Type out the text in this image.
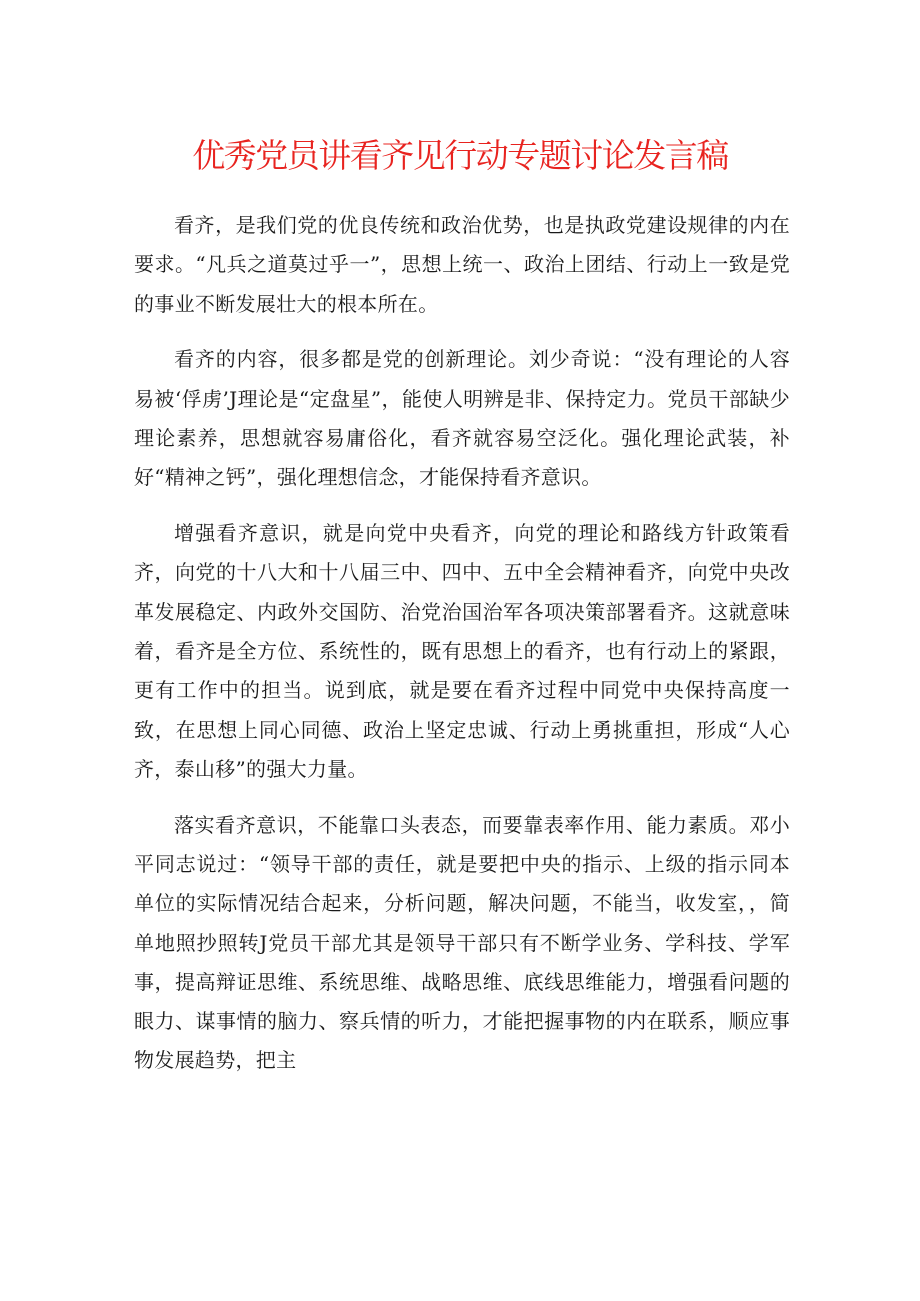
优秀党员讲看齐见行动专题讨论发言稿

看齐，是我们党的优良传统和政治优势，也是执政党建设规律的内在要求。“凡兵之道莫过乎一”，思想上统一、政治上团结、行动上一致是党的事业不断发展壮大的根本所在。

看齐的内容，很多都是党的创新理论。刘少奇说：“没有理论的人容易被‘俘虏’J理论是“定盘星”，能使人明辨是非、保持定力。党员干部缺少理论素养，思想就容易庸俗化，看齐就容易空泛化。强化理论武装，补好“精神之钙”，强化理想信念，才能保持看齐意识。

增强看齐意识，就是向党中央看齐，向党的理论和路线方针政策看齐，向党的十八大和十八届三中、四中、五中全会精神看齐，向党中央改革发展稳定、内政外交国防、治党治国治军各项决策部署看齐。这就意味着，看齐是全方位、系统性的，既有思想上的看齐，也有行动上的紧跟，更有工作中的担当。说到底，就是要在看齐过程中同党中央保持高度一致，在思想上同心同德、政治上坚定忠诚、行动上勇挑重担，形成“人心齐，泰山移”的强大力量。

落实看齐意识，不能靠口头表态，而要靠表率作用、能力素质。邓小平同志说过：“领导干部的责任，就是要把中央的指示、上级的指示同本单位的实际情况结合起来，分析问题，解决问题，不能当，收发室，，简单地照抄照转J党员干部尤其是领导干部只有不断学业务、学科技、学军事，提高辩证思维、系统思维、战略思维、底线思维能力，增强看问题的眼力、谋事情的脑力、察兵情的听力，才能把握事物的内在联系，顺应事物发展趋势，把主
